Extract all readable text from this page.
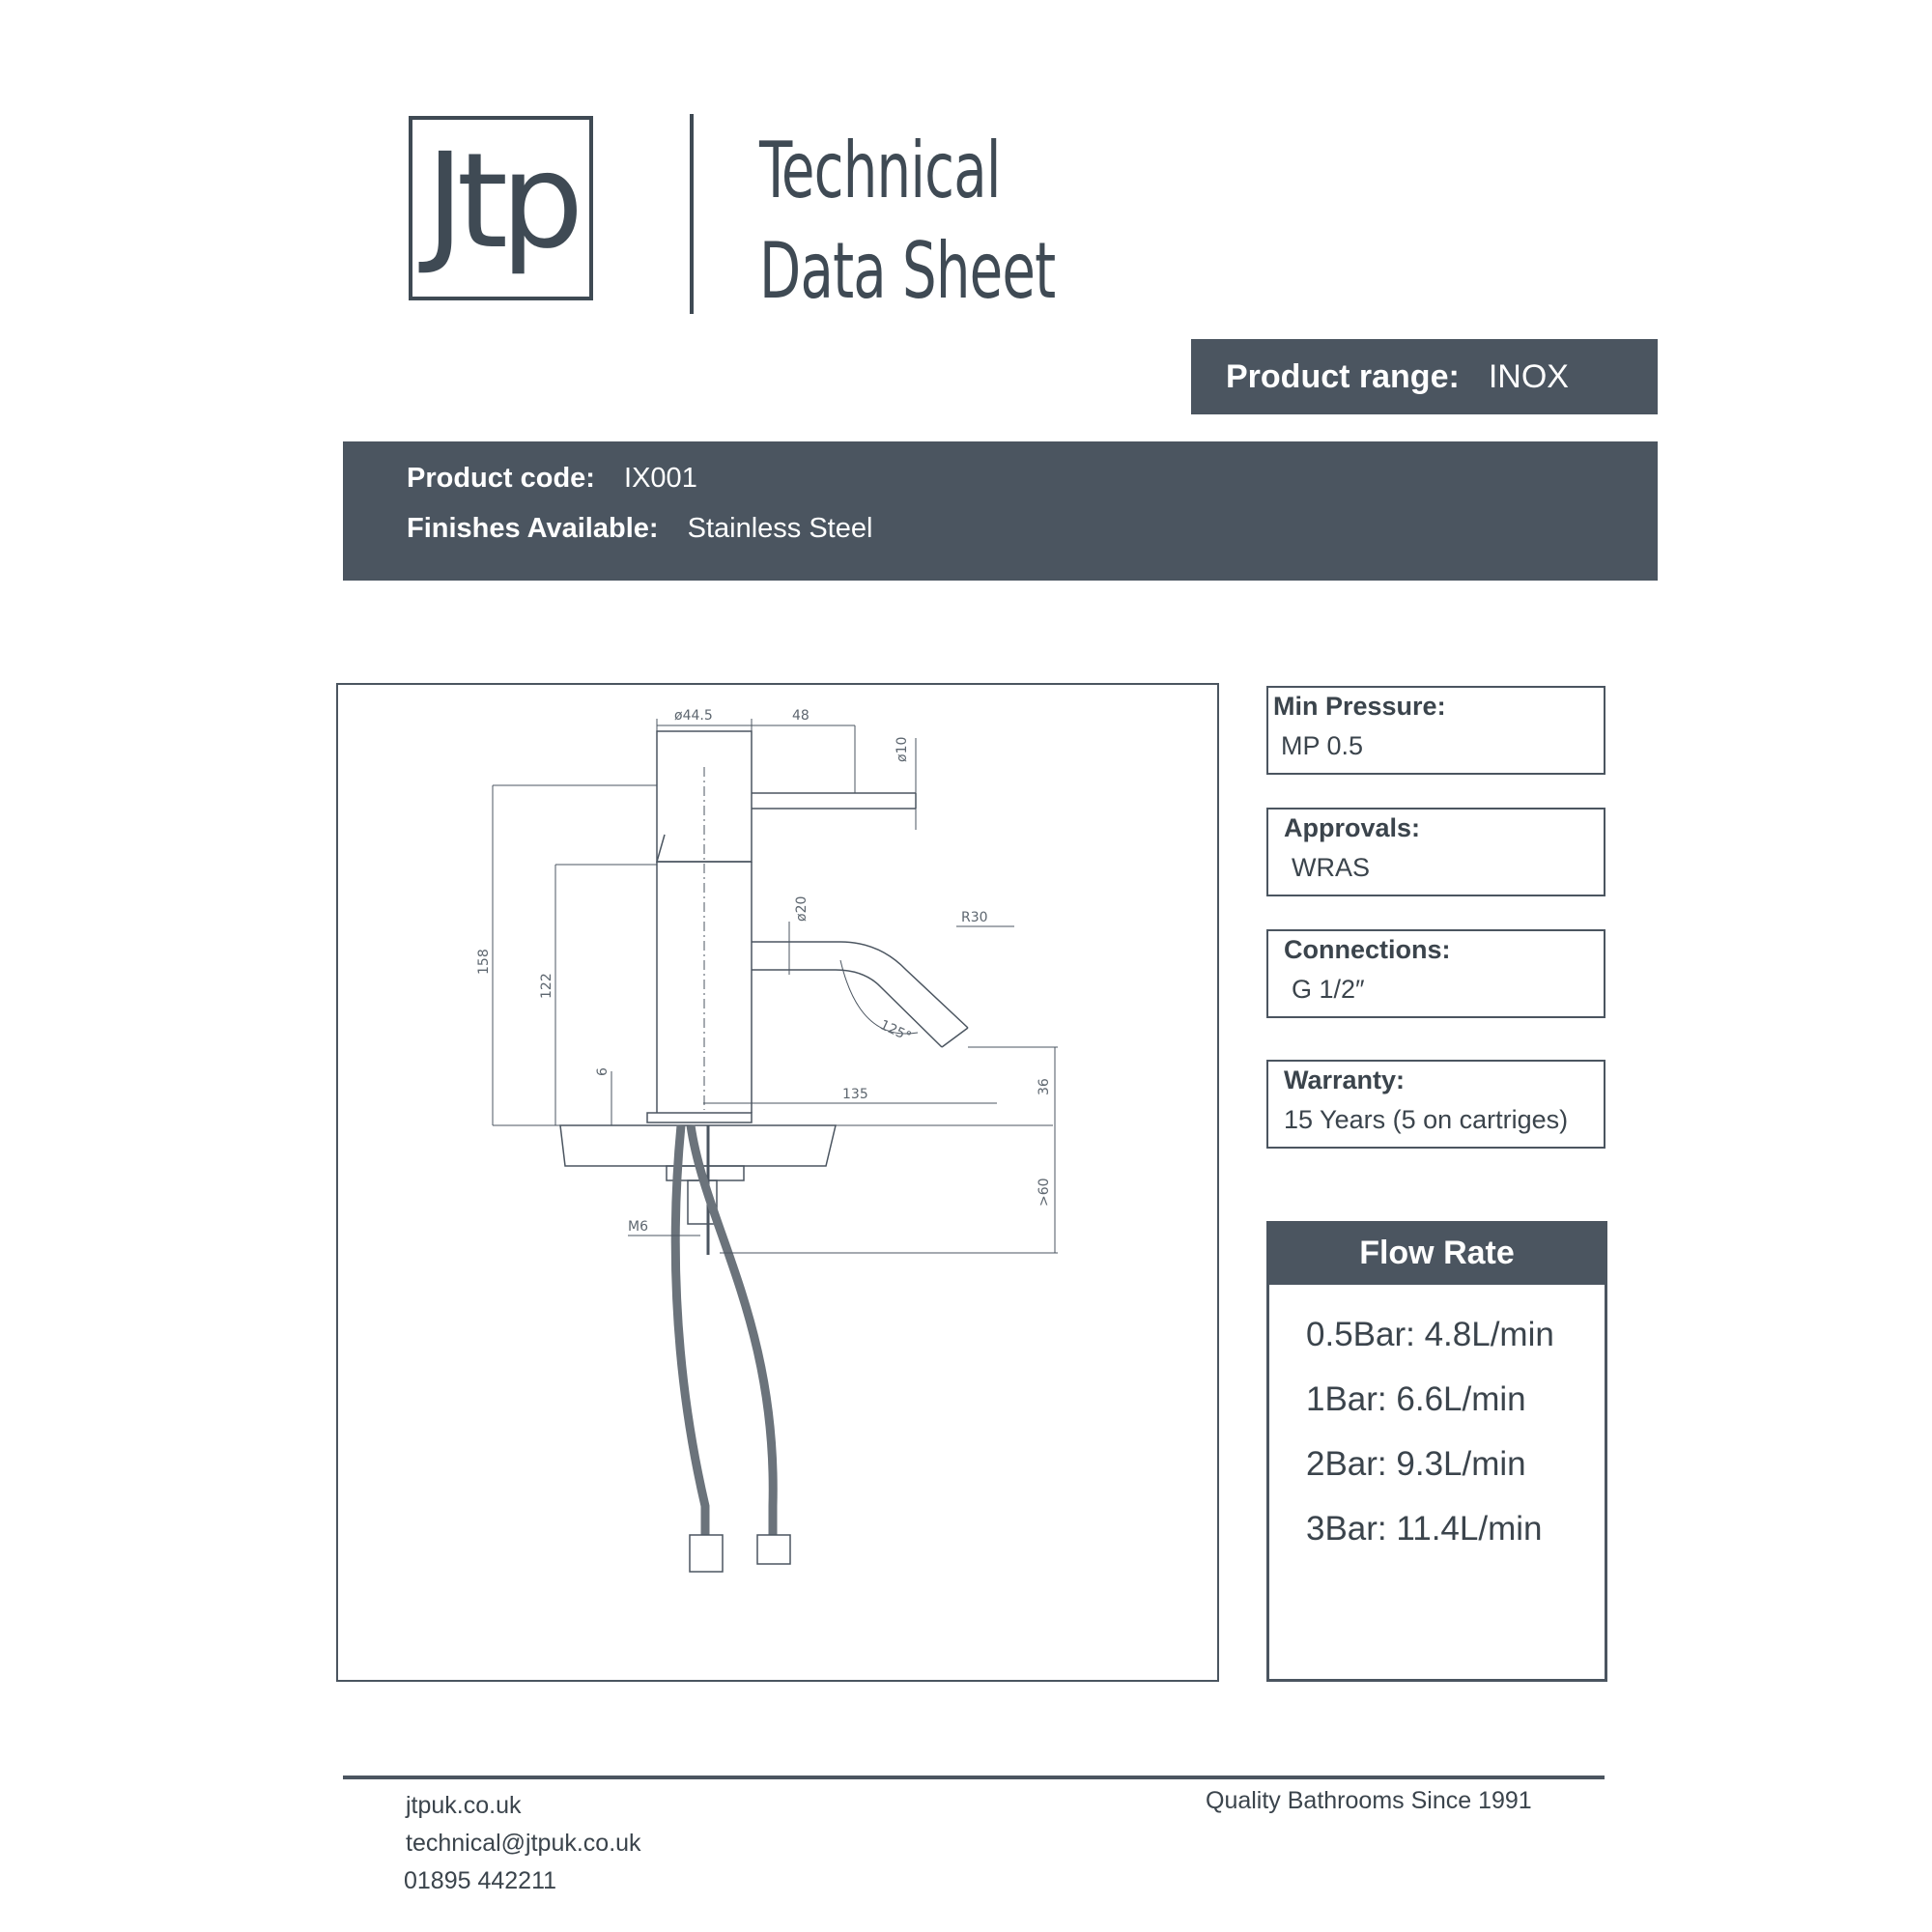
Jtp Technical
Data Sheet
Product range: INOX
Product code: IX001
Finishes Available: Stainless Steel
ø44.5	48
ø10
158
122
ø20	R30
125°
135	36
6
>60
M6
Min Pressure:
MP 0.5
Approvals:
WRAS
Connections:
G 1/2″
Warranty:
15 Years (5 on cartriges)
Flow Rate
0.5Bar: 4.8L/min
1Bar: 6.6L/min
2Bar: 9.3L/min
3Bar: 11.4L/min
jtpuk.co.uk
technical@jtpuk.co.uk
01895 442211
Quality Bathrooms Since 1991
